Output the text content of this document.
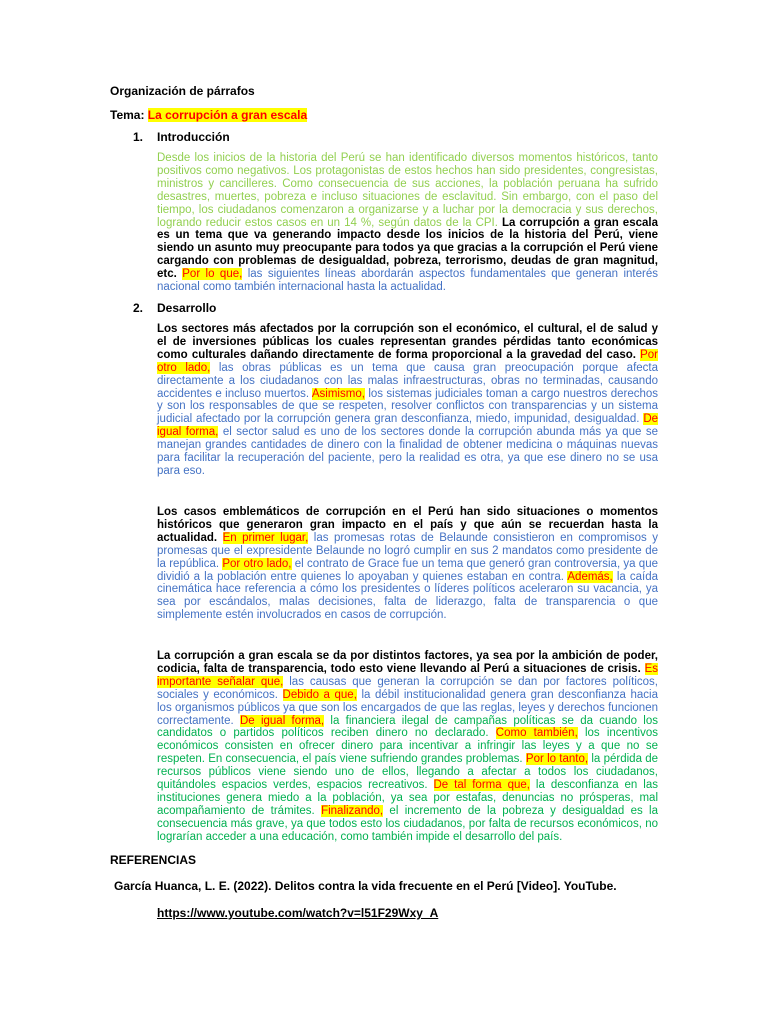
Organización de párrafos

Tema: La corrupción a gran escala

1. Introducción

Desde los inicios de la historia del Perú se han identificado diversos momentos históricos, tanto positivos como negativos. Los protagonistas de estos hechos han sido presidentes, congresistas, ministros y cancilleres. Como consecuencia de sus acciones, la población peruana ha sufrido desastres, muertes, pobreza e incluso situaciones de esclavitud. Sin embargo, con el paso del tiempo, los ciudadanos comenzaron a organizarse y a luchar por la democracia y sus derechos, logrando reducir estos casos en un 14 %, según datos de la CPI. La corrupción a gran escala es un tema que va generando impacto desde los inicios de la historia del Perú, viene siendo un asunto muy preocupante para todos ya que gracias a la corrupción el Perú viene cargando con problemas de desigualdad, pobreza, terrorismo, deudas de gran magnitud, etc. Por lo que, las siguientes líneas abordarán aspectos fundamentales que generan interés nacional como también internacional hasta la actualidad.

2. Desarrollo

Los sectores más afectados por la corrupción son el económico, el cultural, el de salud y el de inversiones públicas los cuales representan grandes pérdidas tanto económicas como culturales dañando directamente de forma proporcional a la gravedad del caso. Por otro lado, las obras públicas es un tema que causa gran preocupación porque afecta directamente a los ciudadanos con las malas infraestructuras, obras no terminadas, causando accidentes e incluso muertos. Asimismo, los sistemas judiciales toman a cargo nuestros derechos y son los responsables de que se respeten, resolver conflictos con transparencias y un sistema judicial afectado por la corrupción genera gran desconfianza, miedo, impunidad, desigualdad. De igual forma, el sector salud es uno de los sectores donde la corrupción abunda más ya que se manejan grandes cantidades de dinero con la finalidad de obtener medicina o máquinas nuevas para facilitar la recuperación del paciente, pero la realidad es otra, ya que ese dinero no se usa para eso.

Los casos emblemáticos de corrupción en el Perú han sido situaciones o momentos históricos que generaron gran impacto en el país y que aún se recuerdan hasta la actualidad. En primer lugar, las promesas rotas de Belaunde consistieron en compromisos y promesas que el expresidente Belaunde no logró cumplir en sus 2 mandatos como presidente de la república. Por otro lado, el contrato de Grace fue un tema que generó gran controversia, ya que dividió a la población entre quienes lo apoyaban y quienes estaban en contra. Además, la caída cinemática hace referencia a cómo los presidentes o líderes políticos aceleraron su vacancia, ya sea por escándalos, malas decisiones, falta de liderazgo, falta de transparencia o que simplemente estén involucrados en casos de corrupción.

La corrupción a gran escala se da por distintos factores, ya sea por la ambición de poder, codicia, falta de transparencia, todo esto viene llevando al Perú a situaciones de crisis. Es importante señalar que, las causas que generan la corrupción se dan por factores políticos, sociales y económicos. Debido a que, la débil institucionalidad genera gran desconfianza hacia los organismos públicos ya que son los encargados de que las reglas, leyes y derechos funcionen correctamente. De igual forma, la financiera ilegal de campañas políticas se da cuando los candidatos o partidos políticos reciben dinero no declarado. Como también, los incentivos económicos consisten en ofrecer dinero para incentivar a infringir las leyes y a que no se respeten. En consecuencia, el país viene sufriendo grandes problemas. Por lo tanto, la pérdida de recursos públicos viene siendo uno de ellos, llegando a afectar a todos los ciudadanos, quitándoles espacios verdes, espacios recreativos. De tal forma que, la desconfianza en las instituciones genera miedo a la población, ya sea por estafas, denuncias no prósperas, mal acompañamiento de trámites. Finalizando, el incremento de la pobreza y desigualdad es la consecuencia más grave, ya que todos esto los ciudadanos, por falta de recursos económicos, no lograrían acceder a una educación, como también impide el desarrollo del país.

REFERENCIAS

García Huanca, L. E. (2022). Delitos contra la vida frecuente en el Perú [Video]. YouTube.

https://www.youtube.com/watch?v=l51F29Wxy_A
